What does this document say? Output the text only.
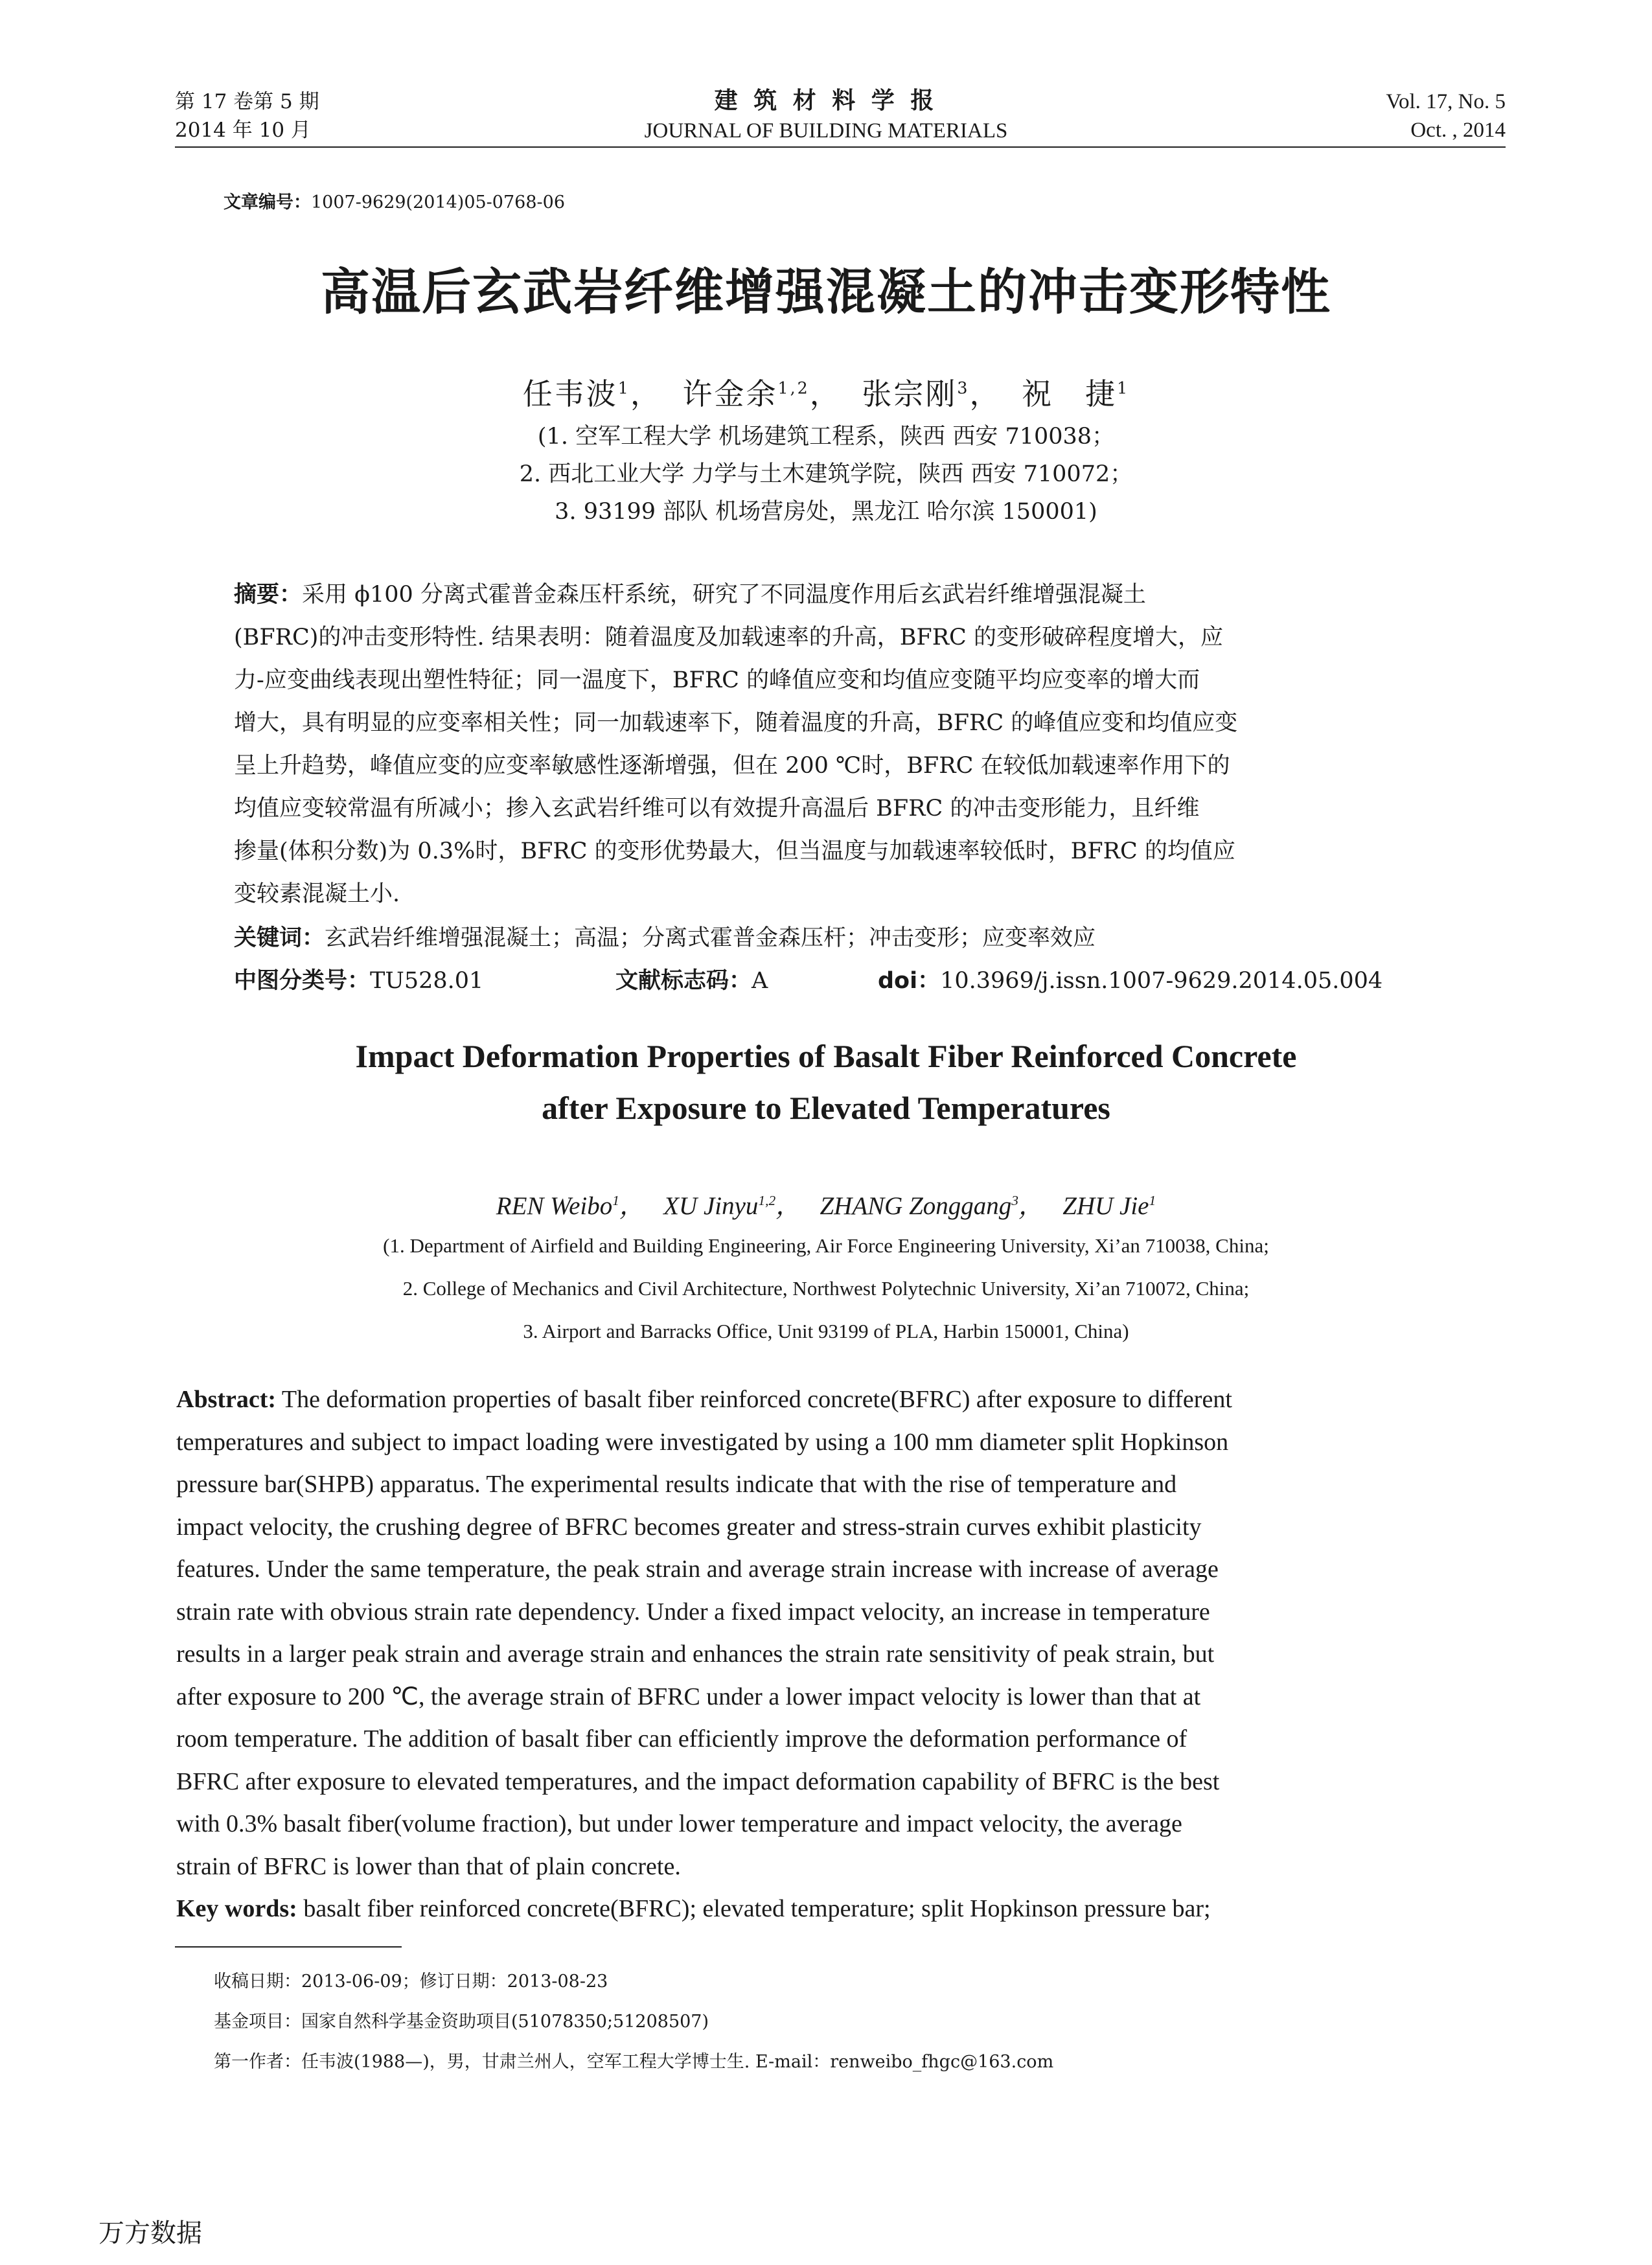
第 17 卷第 5 期
2014 年 10 月
建 筑 材 料 学 报
JOURNAL OF BUILDING MATERIALS
Vol. 17, No. 5
Oct. , 2014
文章编号：1007-9629(2014)05-0768-06
高温后玄武岩纤维增强混凝土的冲击变形特性
任韦波$^1$， 许金余$^{1,2}$， 张宗刚$^3$， 祝　捷$^1$
(1. 空军工程大学 机场建筑工程系，陕西 西安 710038；
2. 西北工业大学 力学与土木建筑学院，陕西 西安 710072；
3. 93199 部队 机场营房处，黑龙江 哈尔滨 150001)
摘要：采用 ϕ100 分离式霍普金森压杆系统，研究了不同温度作用后玄武岩纤维增强混凝土
(BFRC)的冲击变形特性. 结果表明：随着温度及加载速率的升高，BFRC 的变形破碎程度增大，应
力-应变曲线表现出塑性特征；同一温度下，BFRC 的峰值应变和均值应变随平均应变率的增大而
增大，具有明显的应变率相关性；同一加载速率下，随着温度的升高，BFRC 的峰值应变和均值应变
呈上升趋势，峰值应变的应变率敏感性逐渐增强，但在 200 ℃时，BFRC 在较低加载速率作用下的
均值应变较常温有所减小；掺入玄武岩纤维可以有效提升高温后 BFRC 的冲击变形能力，且纤维
掺量(体积分数)为 0.3%时，BFRC 的变形优势最大，但当温度与加载速率较低时，BFRC 的均值应
变较素混凝土小.
关键词：玄武岩纤维增强混凝土；高温；分离式霍普金森压杆；冲击变形；应变率效应
中图分类号：TU528.01	文献标志码：A	doi：10.3969/j.issn.1007-9629.2014.05.004
Impact Deformation Properties of Basalt Fiber Reinforced Concrete
after Exposure to Elevated Temperatures
REN Weibo$^1$， XU Jinyu$^{1,2}$， ZHANG Zonggang$^3$， ZHU Jie$^1$
(1. Department of Airfield and Building Engineering, Air Force Engineering University, Xi’an 710038, China;
2. College of Mechanics and Civil Architecture, Northwest Polytechnic University, Xi’an 710072, China;
3. Airport and Barracks Office, Unit 93199 of PLA, Harbin 150001, China)
Abstract: The deformation properties of basalt fiber reinforced concrete(BFRC) after exposure to different
temperatures and subject to impact loading were investigated by using a 100 mm diameter split Hopkinson
pressure bar(SHPB) apparatus. The experimental results indicate that with the rise of temperature and
impact velocity, the crushing degree of BFRC becomes greater and stress-strain curves exhibit plasticity
features. Under the same temperature, the peak strain and average strain increase with increase of average
strain rate with obvious strain rate dependency. Under a fixed impact velocity, an increase in temperature
results in a larger peak strain and average strain and enhances the strain rate sensitivity of peak strain, but
after exposure to 200 ℃, the average strain of BFRC under a lower impact velocity is lower than that at
room temperature. The addition of basalt fiber can efficiently improve the deformation performance of
BFRC after exposure to elevated temperatures, and the impact deformation capability of BFRC is the best
with 0.3% basalt fiber(volume fraction), but under lower temperature and impact velocity, the average
strain of BFRC is lower than that of plain concrete.
Key words: basalt fiber reinforced concrete(BFRC); elevated temperature; split Hopkinson pressure bar;
收稿日期：2013-06-09；修订日期：2013-08-23
基金项目：国家自然科学基金资助项目(51078350;51208507)
第一作者：任韦波(1988—)，男，甘肃兰州人，空军工程大学博士生. E-mail：renweibo_fhgc@163.com
万方数据
